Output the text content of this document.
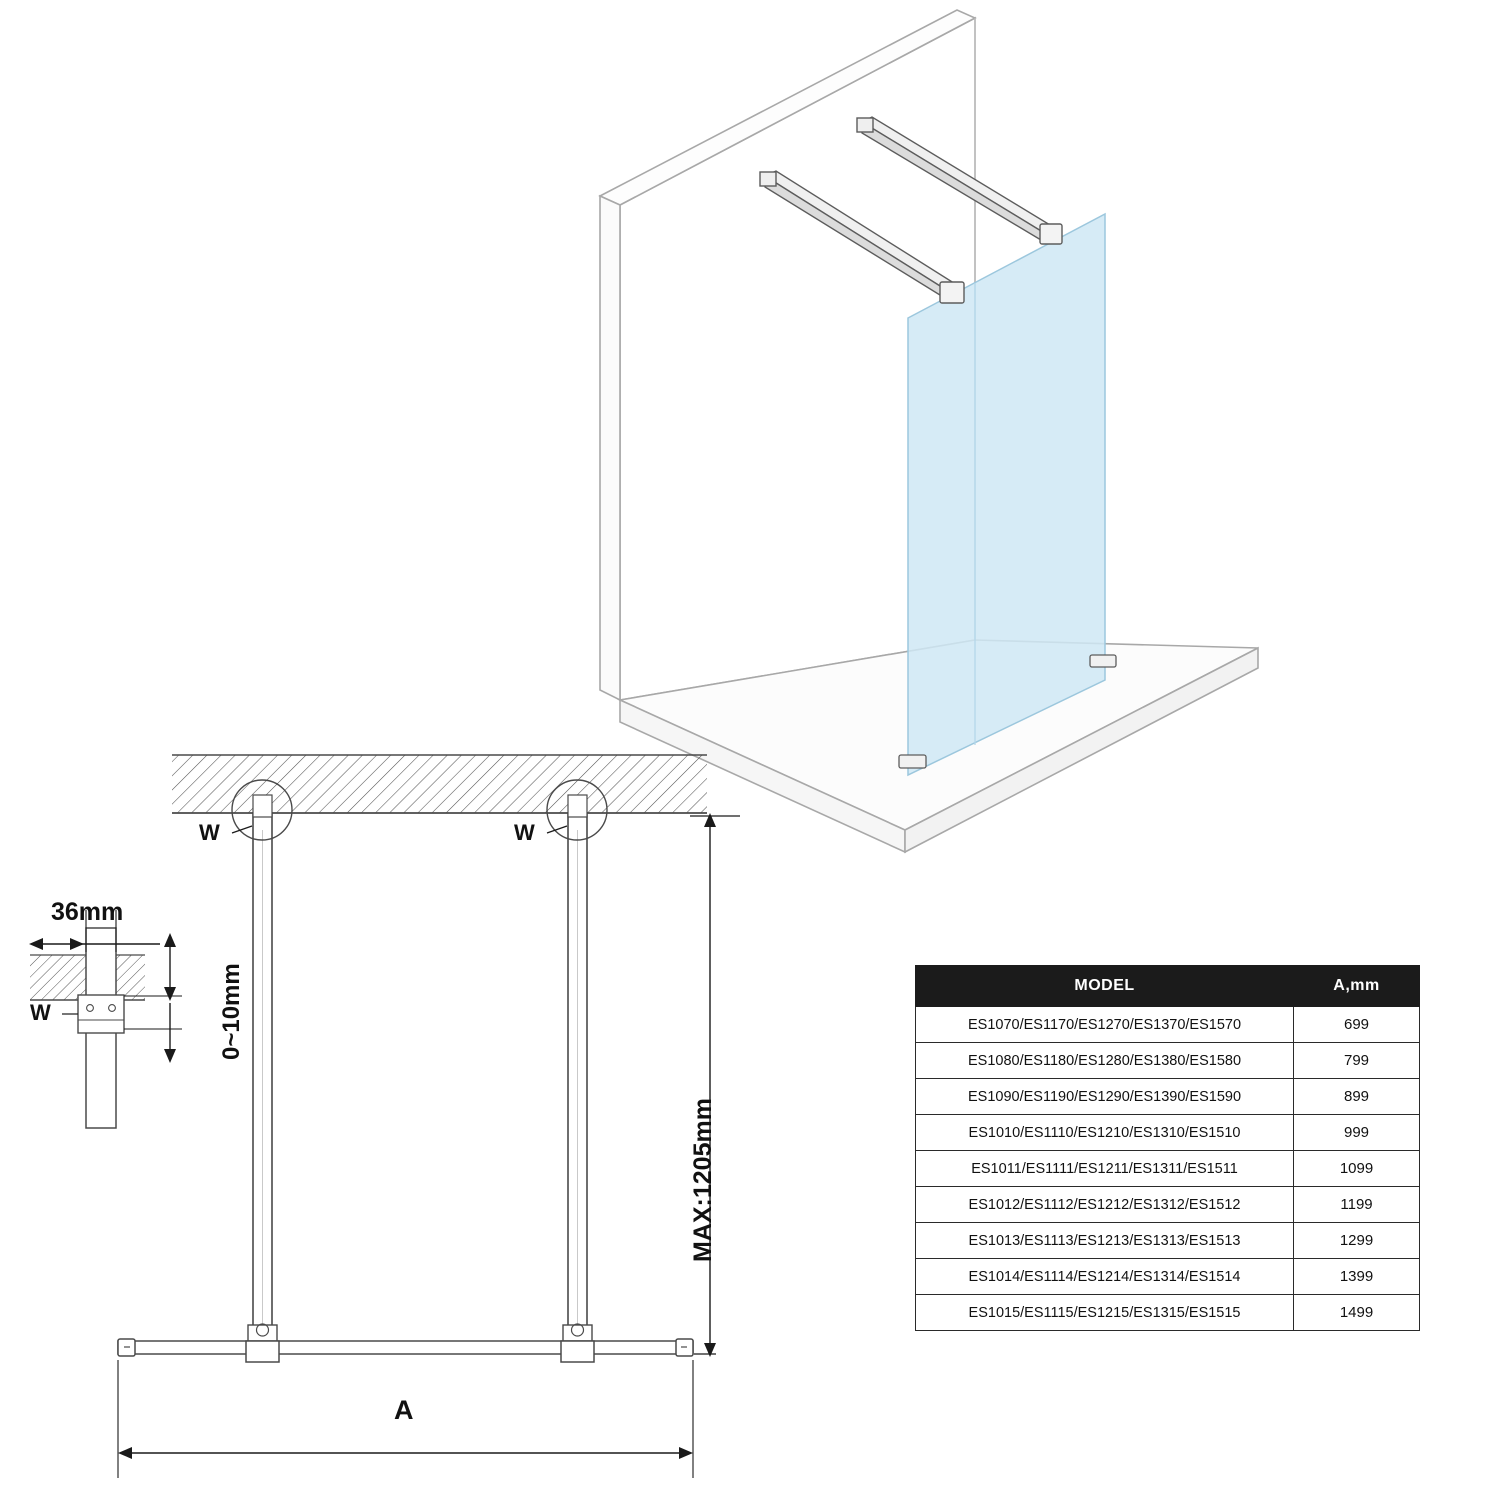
W	W
W
36mm
0~10mm
MAX:1205mm
A
MODEL	A,mm
ES1070/ES1170/ES1270/ES1370/ES1570	699
ES1080/ES1180/ES1280/ES1380/ES1580	799
ES1090/ES1190/ES1290/ES1390/ES1590	899
ES1010/ES1110/ES1210/ES1310/ES1510	999
ES1011/ES1111/ES1211/ES1311/ES1511	1099
ES1012/ES1112/ES1212/ES1312/ES1512	1199
ES1013/ES1113/ES1213/ES1313/ES1513	1299
ES1014/ES1114/ES1214/ES1314/ES1514	1399
ES1015/ES1115/ES1215/ES1315/ES1515	1499
